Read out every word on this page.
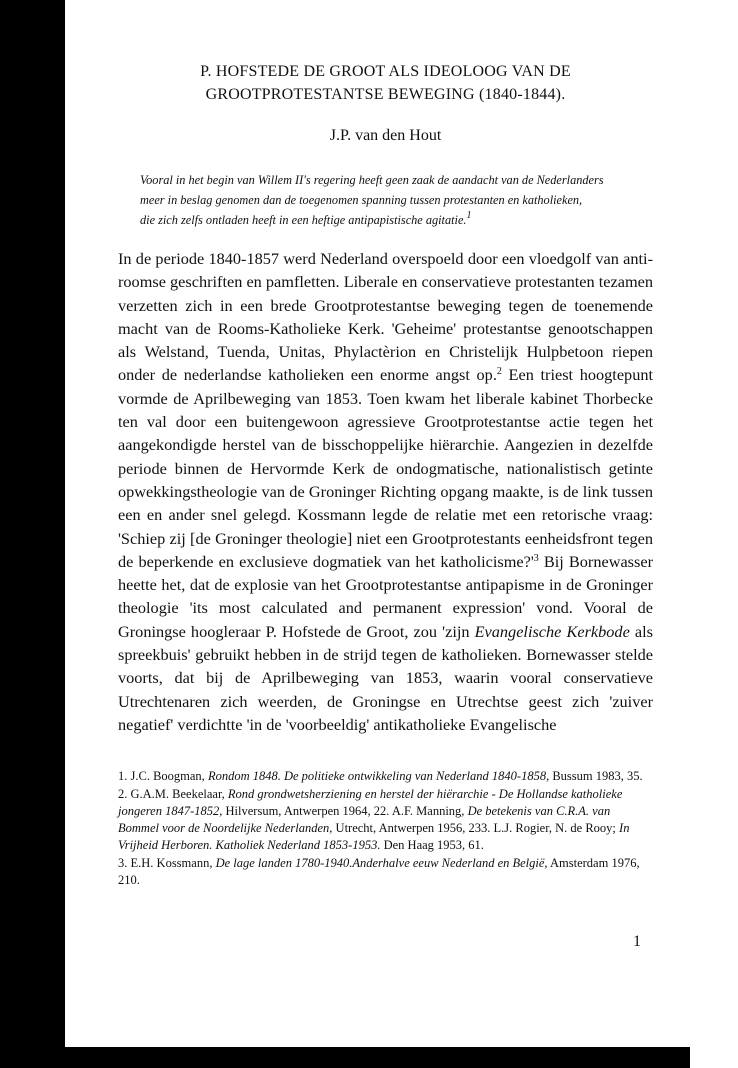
P. HOFSTEDE DE GROOT ALS IDEOLOOG VAN DE
GROOTPROTESTANTSE BEWEGING (1840-1844).
J.P. van den Hout
Vooral in het begin van Willem II's regering heeft geen zaak de aandacht van de Nederlanders
meer in beslag genomen dan de toegenomen spanning tussen protestanten en katholieken,
die zich zelfs ontladen heeft in een heftige antipapistische agitatie.$^1$
In de periode 1840-1857 werd Nederland overspoeld door een vloedgolf van anti-roomse geschriften en pamfletten. Liberale en conservatieve protestanten tezamen verzetten zich in een brede Grootprotestantse beweging tegen de toenemende macht van de Rooms-Katholieke Kerk. 'Geheime' protestantse genootschappen als Welstand, Tuenda, Unitas, Phylactèrion en Christelijk Hulpbetoon riepen onder de nederlandse katholieken een enorme angst op.$^2$ Een triest hoogtepunt vormde de Aprilbeweging van 1853. Toen kwam het liberale kabinet Thorbecke ten val door een buitengewoon agressieve Grootprotestantse actie tegen het aangekondigde herstel van de bisschoppelijke hiërarchie. Aangezien in dezelfde periode binnen de Hervormde Kerk de ondogmatische, nationalistisch getinte opwekkingstheologie van de Groninger Richting opgang maakte, is de link tussen een en ander snel gelegd. Kossmann legde de relatie met een retorische vraag: 'Schiep zij [de Groninger theologie] niet een Grootprotestants eenheidsfront tegen de beperkende en exclusieve dogmatiek van het $katholicisme?'^3$ Bij Bornewasser heette het, dat de explosie van het Grootprotestantse antipapisme in de Groninger theologie 'its most calculated and permanent expression' vond. Vooral de Groningse hoogleraar P. Hofstede de Groot, zou 'zijn Evangelische Kerkbode als spreekbuis' gebruikt hebben in de strijd tegen de katholieken. Bornewasser stelde voorts, dat bij de Aprilbeweging van 1853, waarin vooral conservatieve Utrechtenaren zich weerden, de Groningse en Utrechtse geest zich 'zuiver negatief' verdichtte 'in de 'voorbeeldig' antikatholieke Evangelische

1. J.C. Boogman, Rondom 1848. De politieke ontwikkeling van Nederland 1840-1858, Bussum 1983, 35.

2. G.A.M. Beekelaar, Rond grondwetsherziening en herstel der hiërarchie - De Hollandse katholieke jongeren 1847-1852, Hilversum, Antwerpen 1964, 22. A.F. Manning, De betekenis van C.R.A. van Bommel voor de Noordelijke Nederlanden, Utrecht, Antwerpen 1956, 233. L.J. Rogier, N. de Rooy; In Vrijheid Herboren. Katholiek Nederland 1853-1953. Den Haag 1953, 61.

3. E.H. Kossmann, De lage landen 1780-1940.Anderhalve eeuw Nederland en België, Amsterdam 1976, 210.

1
